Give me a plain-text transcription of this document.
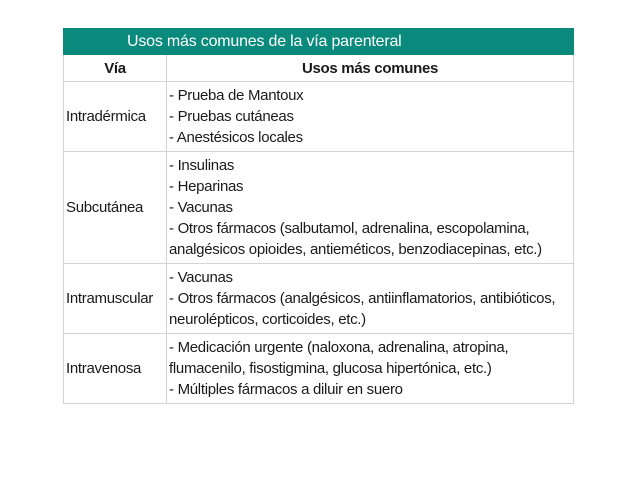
Usos más comunes de la vía parenteral	
Vía	Usos más comunes
Intradérmica	- Prueba de Mantoux
- Pruebas cutáneas
- Anestésicos locales

Subcutánea	- Insulinas
- Heparinas
- Vacunas
- Otros fármacos (salbutamol, adrenalina, escopolamina,
analgésicos opioides, antieméticos, benzodiacepinas, etc.)

Intramuscular	- Vacunas
- Otros fármacos (analgésicos, antiinflamatorios, antibióticos,
neurolépticos, corticoides, etc.)

Intravenosa	- Medicación urgente (naloxona, adrenalina, atropina,
flumacenilo, fisostigmina, glucosa hipertónica, etc.)
- Múltiples fármacos a diluir en suero
